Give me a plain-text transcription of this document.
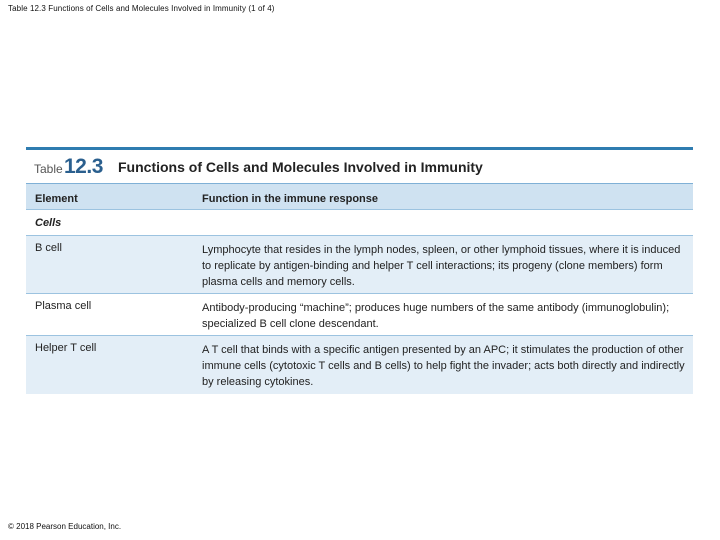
Table 12.3 Functions of Cells and Molecules Involved in Immunity (1 of 4)
Table 12.3 Functions of Cells and Molecules Involved in Immunity
Element	Function in the immune response
Cells
B cell	Lymphocyte that resides in the lymph nodes, spleen, or other lymphoid tissues, where it is induced to replicate by antigen-binding and helper T cell interactions; its progeny (clone members) form plasma cells and memory cells.
Plasma cell	Antibody-producing “machine”; produces huge numbers of the same antibody (immunoglobulin); specialized B cell clone descendant.
Helper T cell	A T cell that binds with a specific antigen presented by an APC; it stimulates the production of other immune cells (cytotoxic T cells and B cells) to help fight the invader; acts both directly and indirectly by releasing cytokines.
© 2018 Pearson Education, Inc.
